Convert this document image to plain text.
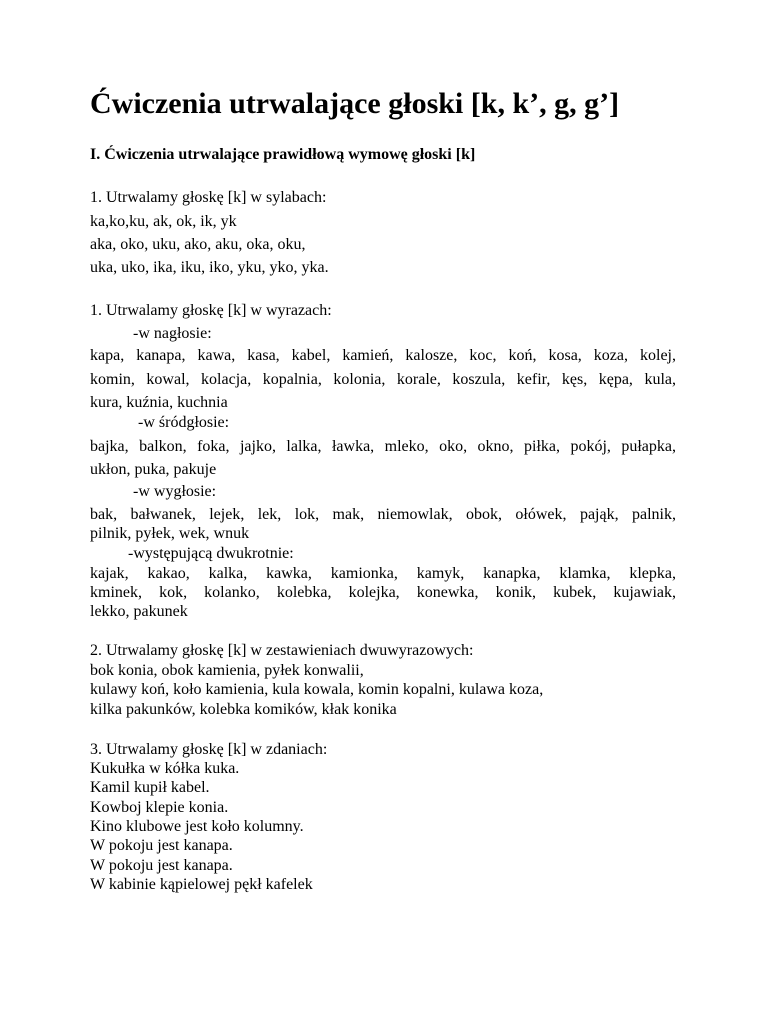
Ćwiczenia utrwalające głoski [k, k’, g, g’]
I. Ćwiczenia utrwalające prawidłową wymowę głoski [k]
1. Utrwalamy głoskę [k] w sylabach:
ka,ko,ku, ak, ok, ik, yk
aka, oko, uku, ako, aku, oka, oku,
uka, uko, ika, iku, iko, yku, yko, yka.
1. Utrwalamy głoskę [k] w wyrazach:
-w nagłosie:
kapa, kanapa, kawa, kasa, kabel, kamień, kalosze, koc, koń, kosa, koza, kolej,
komin, kowal, kolacja, kopalnia, kolonia, korale, koszula, kefir, kęs, kępa, kula,
kura, kuźnia, kuchnia
-w śródgłosie:
bajka, balkon, foka, jajko, lalka, ławka, mleko, oko, okno, piłka, pokój, pułapka,
ukłon, puka, pakuje
-w wygłosie:
bak, bałwanek, lejek, lek, lok, mak, niemowlak, obok, ołówek, pająk, palnik,
pilnik, pyłek, wek, wnuk
-występującą dwukrotnie:
kajak, kakao, kalka, kawka, kamionka, kamyk, kanapka, klamka, klepka,
kminek, kok, kolanko, kolebka, kolejka, konewka, konik, kubek, kujawiak,
lekko, pakunek
2. Utrwalamy głoskę [k] w zestawieniach dwuwyrazowych:
bok konia, obok kamienia, pyłek konwalii,
kulawy koń, koło kamienia, kula kowala, komin kopalni, kulawa koza,
kilka pakunków, kolebka komików, kłak konika
3. Utrwalamy głoskę [k] w zdaniach:
Kukułka w kółka kuka.
Kamil kupił kabel.
Kowboj klepie konia.
Kino klubowe jest koło kolumny.
W pokoju jest kanapa.
W pokoju jest kanapa.
W kabinie kąpielowej pękł kafelek
